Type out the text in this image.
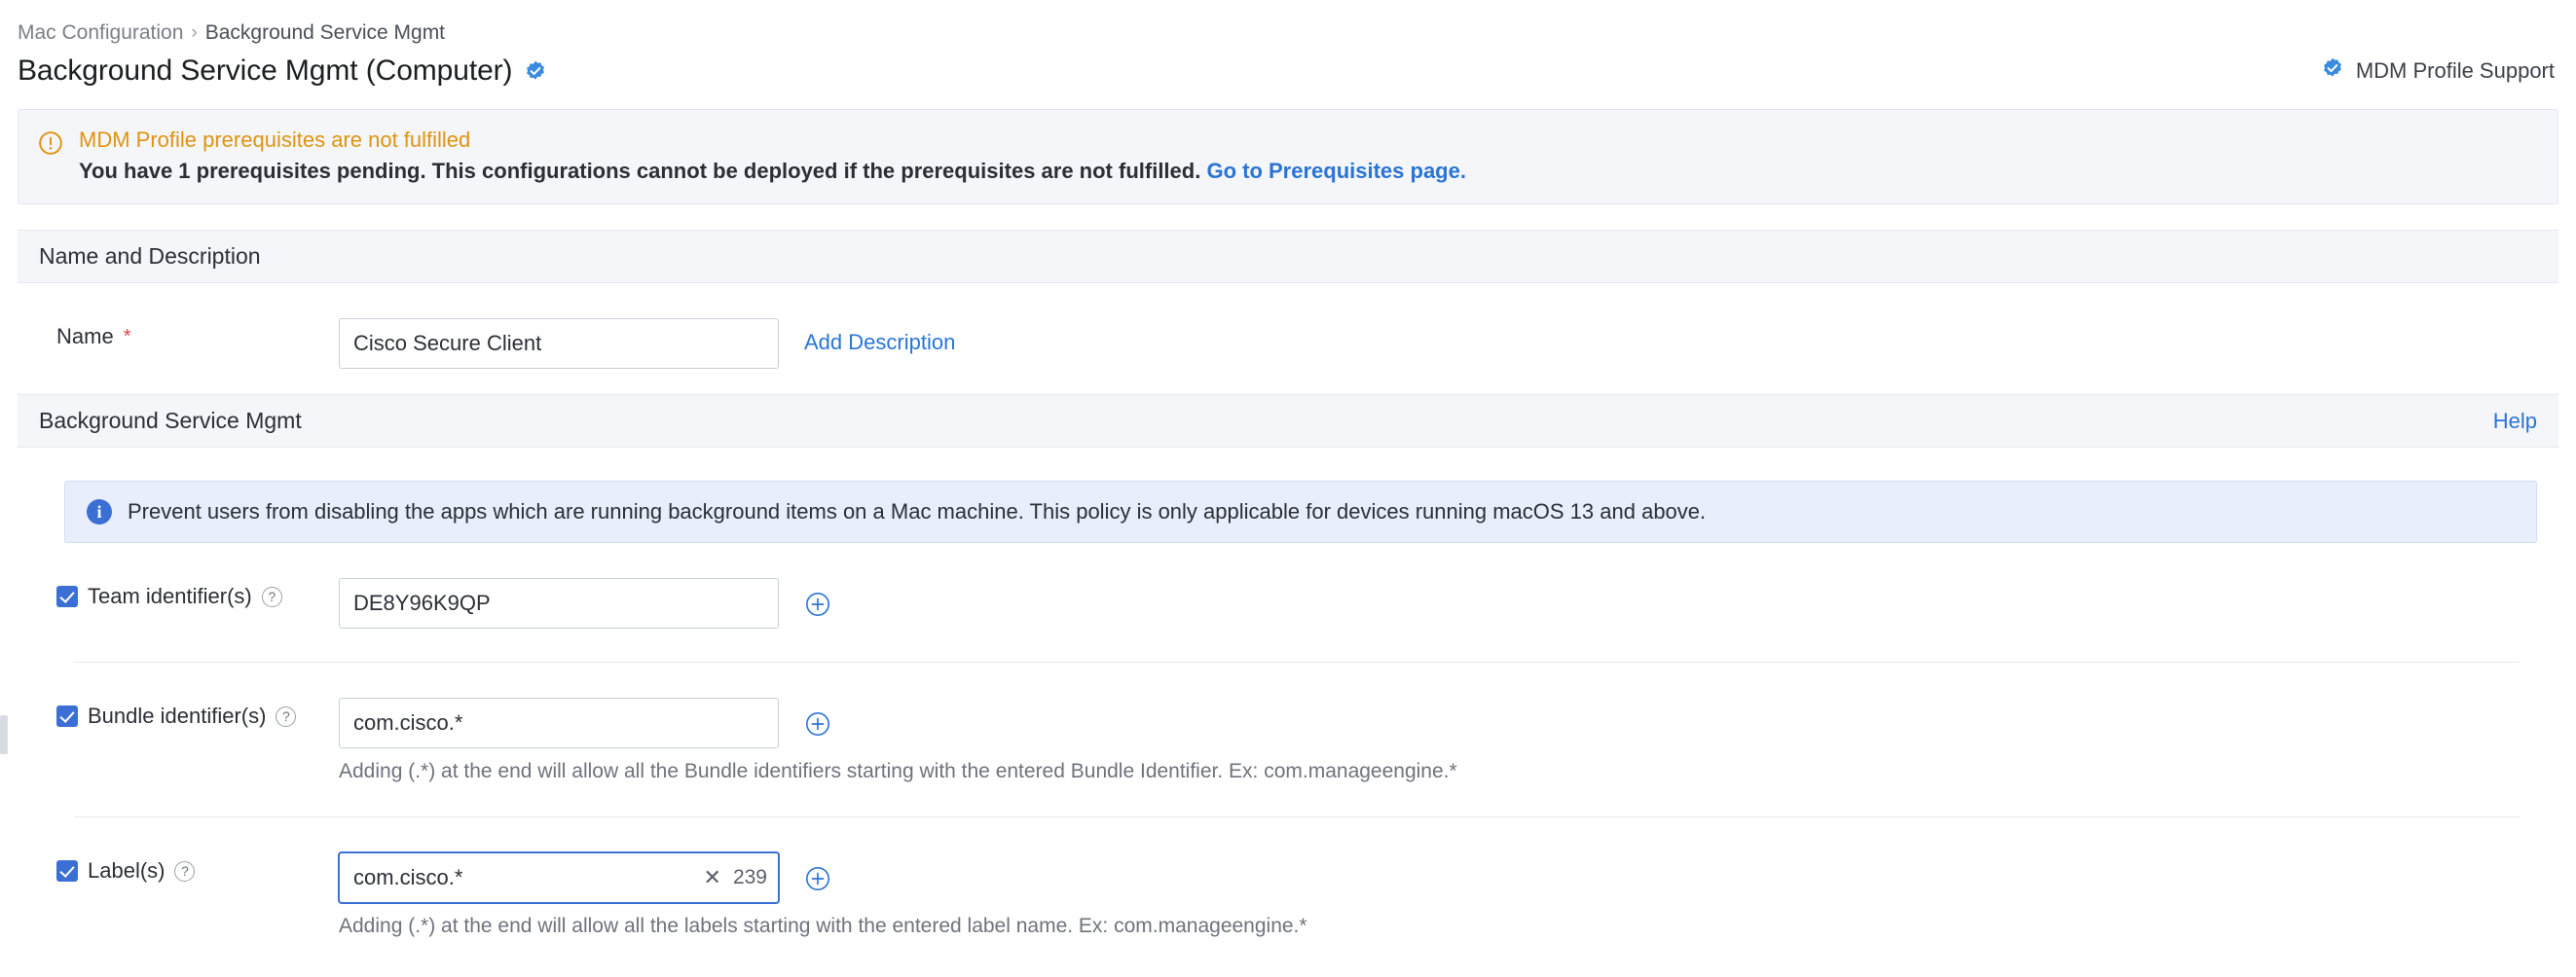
Mac Configuration › Background Service Mgmt
Background Service Mgmt (Computer)	MDM Profile Support
MDM Profile prerequisites are not fulfilled
You have 1 prerequisites pending. This configurations cannot be deployed if the prerequisites are not fulfilled. Go to Prerequisites page.
Name and Description
Name *
Cisco Secure Client	Add Description
Background Service Mgmt	Help
i	Prevent users from disabling the apps which are running background items on a Mac machine. This policy is only applicable for devices running macOS 13 and above.
Team identifier(s)	?
DE8Y96K9QP
Bundle identifier(s)	?
com.cisco.*
Adding (.*) at the end will allow all the Bundle identifiers starting with the entered Bundle Identifier. Ex: com.manageengine.*
Label(s)	?
com.cisco.*	✕ 239
Adding (.*) at the end will allow all the labels starting with the entered label name. Ex: com.manageengine.*
